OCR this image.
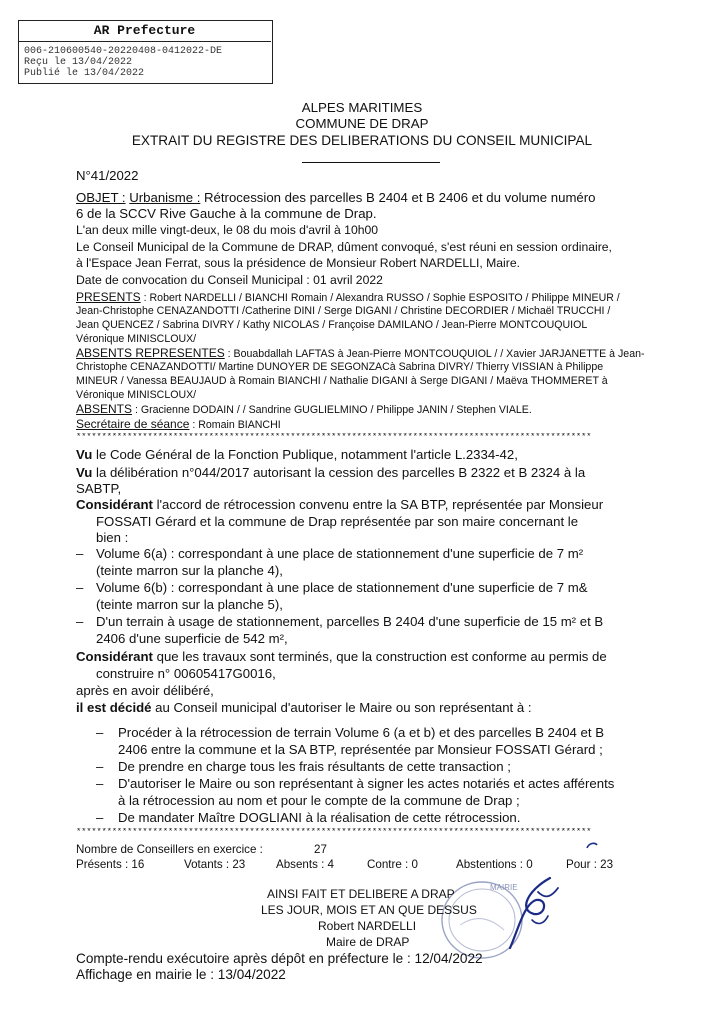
AR Prefecture
006-210600540-20220408-0412022-DE
Reçu le 13/04/2022
Publié le 13/04/2022
ALPES MARITIMES
COMMUNE DE DRAP
EXTRAIT DU REGISTRE DES DELIBERATIONS DU CONSEIL MUNICIPAL
N°41/2022
OBJET : Urbanisme : Rétrocession des parcelles B 2404 et B 2406 et du volume numéro
6 de la SCCV Rive Gauche à la commune de Drap.
L'an deux mille vingt-deux, le 08 du mois d'avril à 10h00
Le Conseil Municipal de la Commune de DRAP, dûment convoqué, s'est réuni en session ordinaire,
à l'Espace Jean Ferrat, sous la présidence de Monsieur Robert NARDELLI, Maire.
Date de convocation du Conseil Municipal : 01 avril 2022
PRESENTS : Robert NARDELLI / BIANCHI Romain / Alexandra RUSSO / Sophie ESPOSITO / Philippe MINEUR /
Jean-Christophe CENAZANDOTTI /Catherine DINI / Serge DIGANI / Christine DECORDIER / Michaël TRUCCHI /
Jean QUENCEZ / Sabrina DIVRY / Kathy NICOLAS / Françoise DAMILANO / Jean-Pierre MONTCOUQUIOL
Véronique MINISCLOUX/
ABSENTS REPRESENTES : Bouabdallah LAFTAS à Jean-Pierre MONTCOUQUIOL / / Xavier JARJANETTE à Jean-
Christophe CENAZANDOTTI/ Martine DUNOYER DE SEGONZACà Sabrina DIVRY/ Thierry VISSIAN à Philippe
MINEUR / Vanessa BEAUJAUD à Romain BIANCHI / Nathalie DIGANI à Serge DIGANI / Maëva THOMMERET à
Véronique MINISCLOUX/
ABSENTS : Gracienne DODAIN / / Sandrine GUGLIELMINO / Philippe JANIN / Stephen VIALE.
Secrétaire de séance : Romain BIANCHI
*****************************************************************************************************
Vu le Code Général de la Fonction Publique, notamment l'article L.2334-42,
Vu la délibération n°044/2017 autorisant la cession des parcelles B 2322 et B 2324 à la
SABTP,
Considérant l'accord de rétrocession convenu entre la SA BTP, représentée par Monsieur
FOSSATI Gérard et la commune de Drap représentée par son maire concernant le
bien :
– Volume 6(a) : correspondant à une place de stationnement d'une superficie de 7 m²
(teinte marron sur la planche 4),
– Volume 6(b) : correspondant à une place de stationnement d'une superficie de 7 m&
(teinte marron sur la planche 5),
– D'un terrain à usage de stationnement, parcelles B 2404 d'une superficie de 15 m² et B
2406 d'une superficie de 542 m²,
Considérant que les travaux sont terminés, que la construction est conforme au permis de
construire n° 00605417G0016,
après en avoir délibéré,
il est décidé au Conseil municipal d'autoriser le Maire ou son représentant à :
– Procéder à la rétrocession de terrain Volume 6 (a et b) et des parcelles B 2404 et B
2406 entre la commune et la SA BTP, représentée par Monsieur FOSSATI Gérard ;
– De prendre en charge tous les frais résultants de cette transaction ;
– D'autoriser le Maire ou son représentant à signer les actes notariés et actes afférents
à la rétrocession au nom et pour le compte de la commune de Drap ;
– De mandater Maître DOGLIANI à la réalisation de cette rétrocession.
*****************************************************************************************************
Nombre de Conseillers en exercice :	27
Présents : 16	Votants : 23	Absents : 4	Contre : 0	Abstentions : 0	Pour : 23
MAIRIE
AINSI FAIT ET DELIBERE A DRAP
LES JOUR, MOIS ET AN QUE DESSUS
Robert NARDELLI
Maire de DRAP
Compte-rendu exécutoire après dépôt en préfecture le : 12/04/2022
Affichage en mairie le : 13/04/2022
